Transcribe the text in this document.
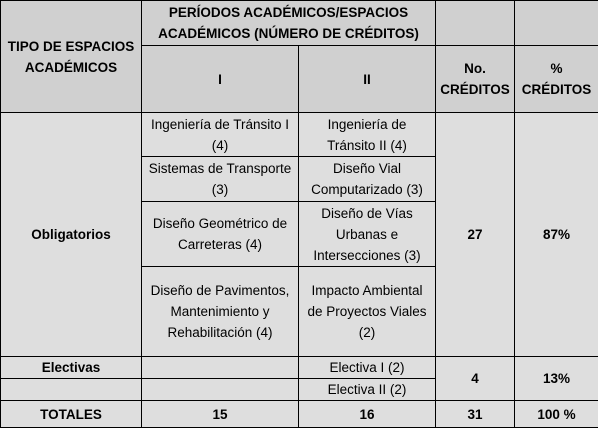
TIPO DE ESPACIOS ACADÉMICOS	PERÍODOS ACADÉMICOS/ESPACIOS ACADÉMICOS (NÚMERO DE CRÉDITOS)			
	I	II	No. CRÉDITOS	% CRÉDITOS
Obligatorios	Ingeniería de Tránsito I (4)	Ingeniería de Tránsito II (4)	27	87%
	Sistemas de Transporte (3)	Diseño Vial Computarizado (3)		
	Diseño Geométrico de Carreteras (4)	Diseño de Vías Urbanas e Intersecciones (3)		
	Diseño de Pavimentos, Mantenimiento y Rehabilitación (4)	Impacto Ambiental de Proyectos Viales (2)		
Electivas		Electiva I (2)	4	13%
		Electiva II (2)		
TOTALES	15	16	31	100 %
